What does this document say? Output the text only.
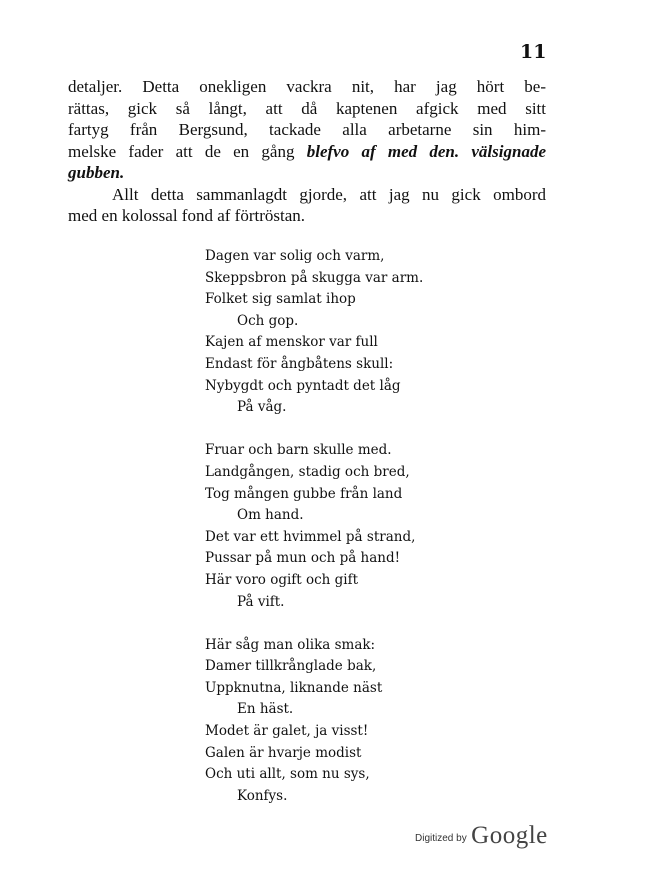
11
detaljer. Detta onekligen vackra nit, har jag hört be-
rättas, gick så långt, att då kaptenen afgick med sitt
fartyg från Bergsund, tackade alla arbetarne sin him-
melske fader att de en gång blefvo af med den. välsignade
gubben.
Allt detta sammanlagdt gjorde, att jag nu gick ombord
med en kolossal fond af förtröstan.
Dagen var solig och varm,
Skeppsbron på skugga var arm.
Folket sig samlat ihop
Och gop.
Kajen af menskor var full
Endast för ångbåtens skull:
Nybygdt och pyntadt det låg
På våg.
Fruar och barn skulle med.
Landgången, stadig och bred,
Tog mången gubbe från land
Om hand.
Det var ett hvimmel på strand,
Pussar på mun och på hand!
Här voro ogift och gift
På vift.
Här såg man olika smak:
Damer tillkrånglade bak,
Uppknutna, liknande näst
En häst.
Modet är galet, ja visst!
Galen är hvarje modist
Och uti allt, som nu sys,
Konfys.
Digitized by Google
